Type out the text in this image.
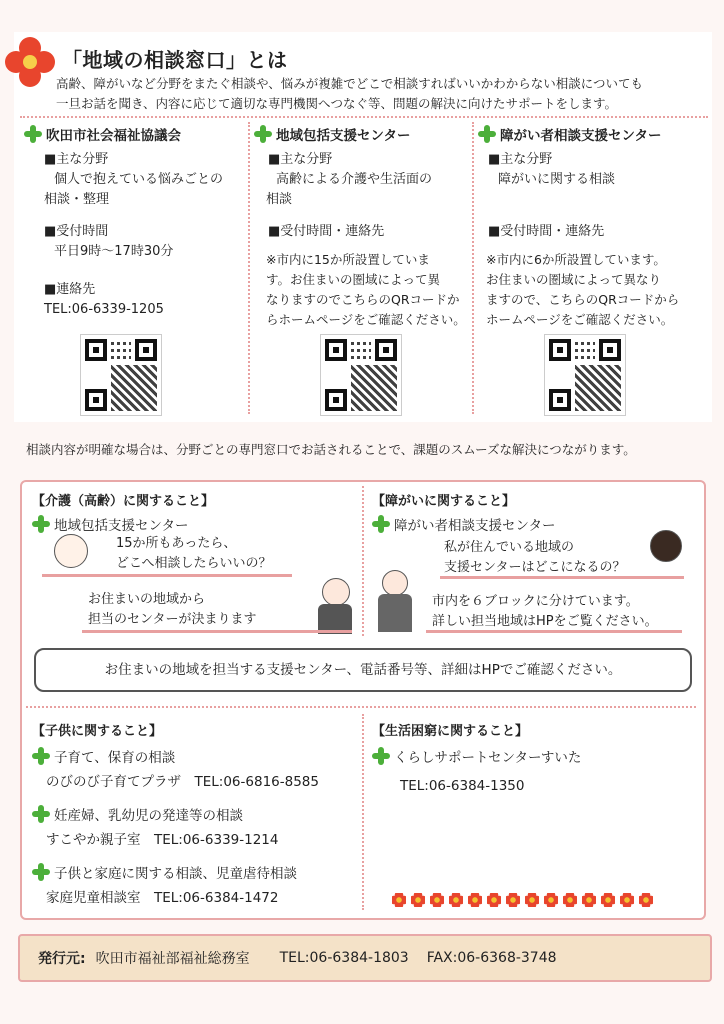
「地域の相談窓口」とは
高齢、障がいなど分野をまたぐ相談や、悩みが複雑でどこで相談すればいいかわからない相談についても
一旦お話を聞き、内容に応じて適切な専門機関へつなぐ等、問題の解決に向けたサポートをします。
吹田市社会福祉協議会
■主な分野
個人で抱えている悩みごとの
相談・整理
■受付時間
平日9時〜17時30分
■連絡先
TEL:06-6339-1205
地域包括支援センター
■主な分野
高齢による介護や生活面の
相談
■受付時間・連絡先
※市内に15か所設置していま
す。お住まいの圏域によって異
なりますのでこちらのQRコードか
らホームページをご確認ください。
障がい者相談支援センター
■主な分野
障がいに関する相談
■受付時間・連絡先
※市内に6か所設置しています。
お住まいの圏域によって異なり
ますので、こちらのQRコードから
ホームページをご確認ください。
相談内容が明確な場合は、分野ごとの専門窓口でお話されることで、課題のスムーズな解決につながります。
【介護（高齢）に関すること】
地域包括支援センター
15か所もあったら、
どこへ相談したらいいの？
お住まいの地域から
担当のセンターが決まります
【障がいに関すること】
障がい者相談支援センター
私が住んでいる地域の
支援センターはどこになるの？
市内を６ブロックに分けています。
詳しい担当地域はHPをご覧ください。
お住まいの地域を担当する支援センター、電話番号等、詳細はHPでご確認ください。
【子供に関すること】
子育て、保育の相談
のびのび子育てプラザ　TEL:06-6816-8585
妊産婦、乳幼児の発達等の相談
すこやか親子室　TEL:06-6339-1214
子供と家庭に関する相談、児童虐待相談
家庭児童相談室　TEL:06-6384-1472
【生活困窮に関すること】
くらしサポートセンターすいた
TEL:06-6384-1350
発行元: 吹田市福祉部福祉総務室 TEL:06-6384-1803 FAX:06-6368-3748
